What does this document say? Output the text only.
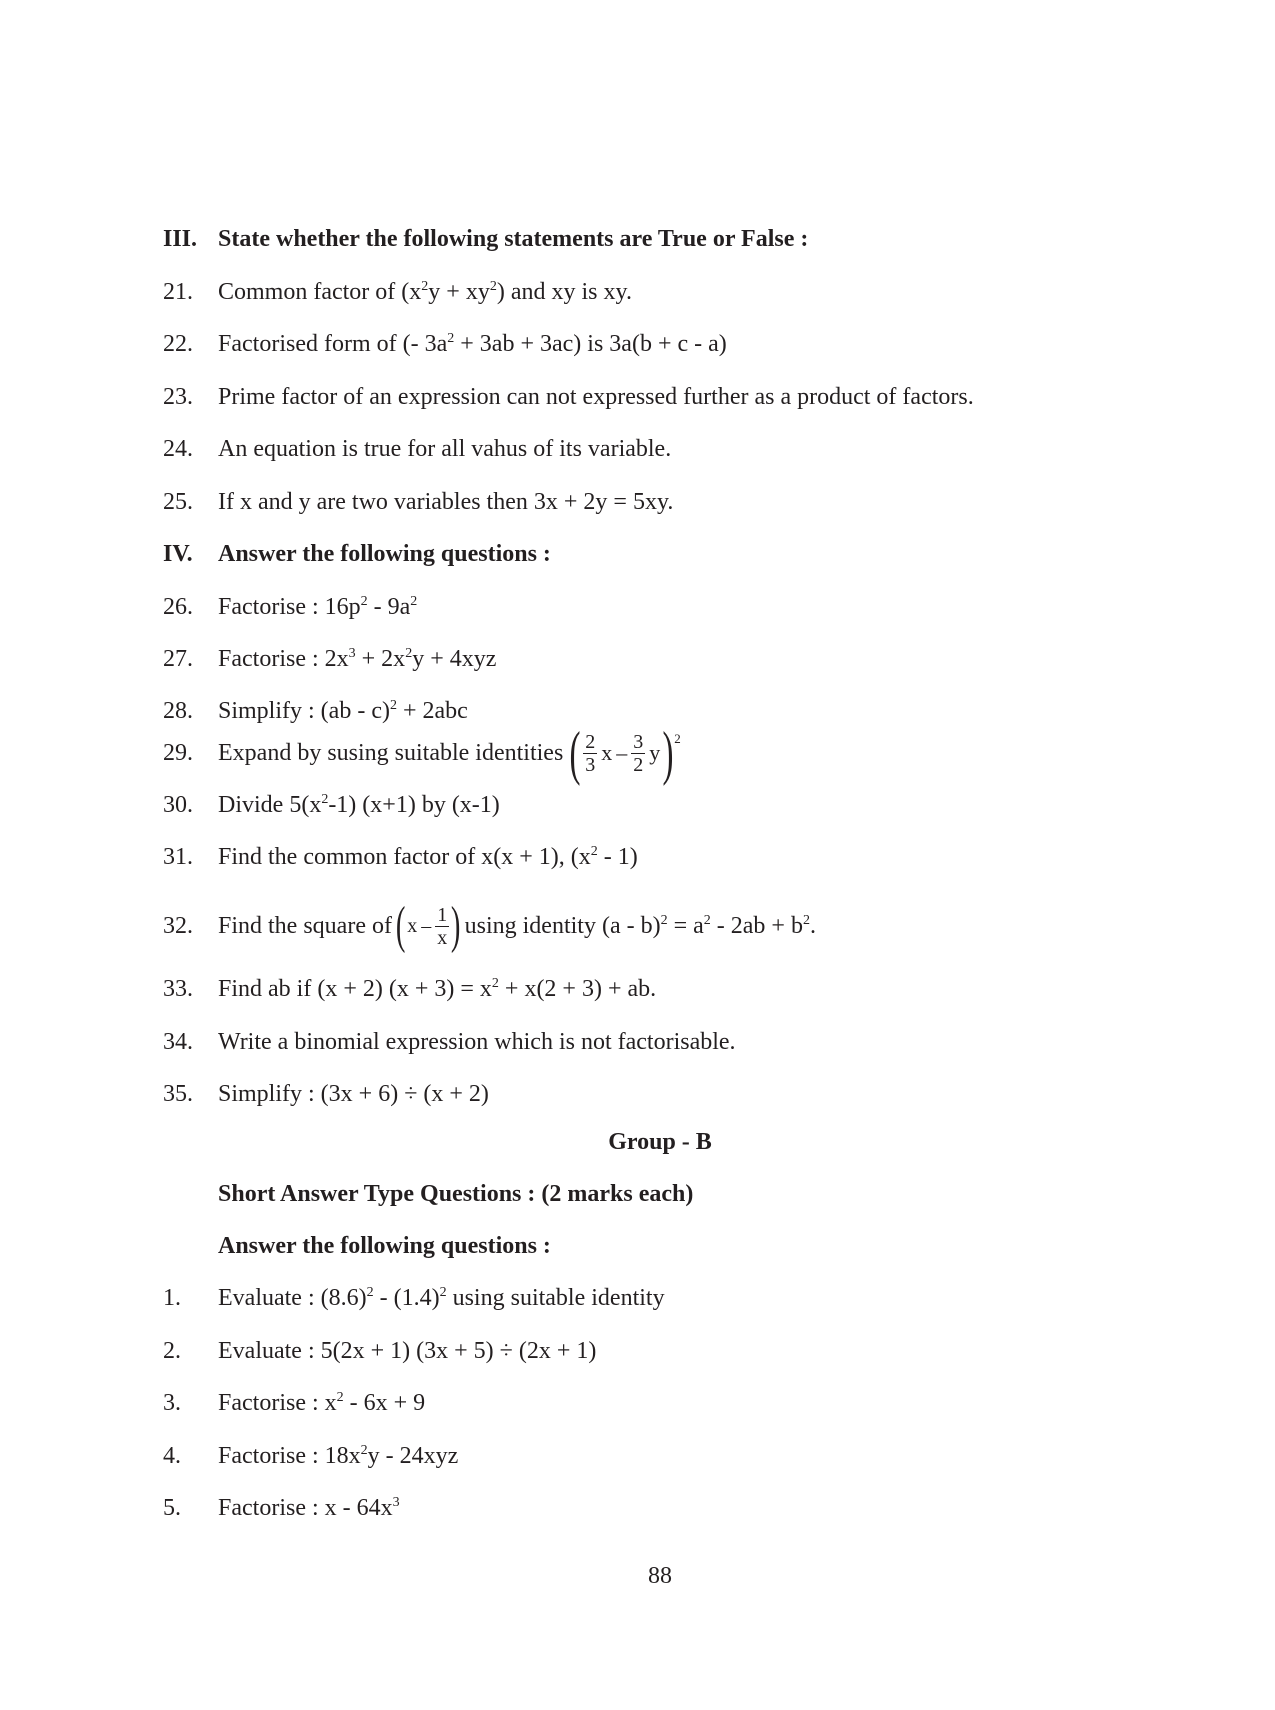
III. State whether the following statements are True or False :
21. Common factor of $(x^2y + xy^2)$ and xy is xy.
22. Factorised form of (- $3a^2 + 3ab + 3ac$) is 3a(b + c - a)
23. Prime factor of an expression can not expressed further as a product of factors.
24. An equation is true for all vahus of its variable.
25. If x and y are two variables then 3x + 2y = 5xy.
IV. Answer the following questions :
26. Factorise : $16p^2 - 9a^2$
27. Factorise : $2x^3 + 2x^2y + 4xyz$
28. Simplify : (ab - c)$^2$ + 2abc
29.	Expand by susing suitable identities ( $\frac{2}{3}$ x – $\frac{3}{2}$ y ) 2
30. Divide $5(x^2-1)$ (x+1) by (x-1)
31. Find the common factor of x(x + 1), $(x^2 - 1)$
32.	Find the square of ( x – $\frac{1}{x}$ ) using identity $(a - b)^2 = a^2 - 2ab + b^2$.
33. Find ab if (x + 2) $(x + 3) = x^2 + x(2 + 3)$ + ab.
34. Write a binomial expression which is not factorisable.
35. Simplify : (3x + 6) ÷ (x + 2)
Group - B
Short Answer Type Questions : (2 marks each)
Answer the following questions :
1. Evaluate : $(8.6)^2 - (1.4)^2$ using suitable identity
2. Evaluate : 5(2x + 1) (3x + 5) ÷ (2x + 1)
3. Factorise : $x^2 - 6x + 9$
4. Factorise : $18x^2y - 24xyz$
5. Factorise : x - $64x^3$
88
